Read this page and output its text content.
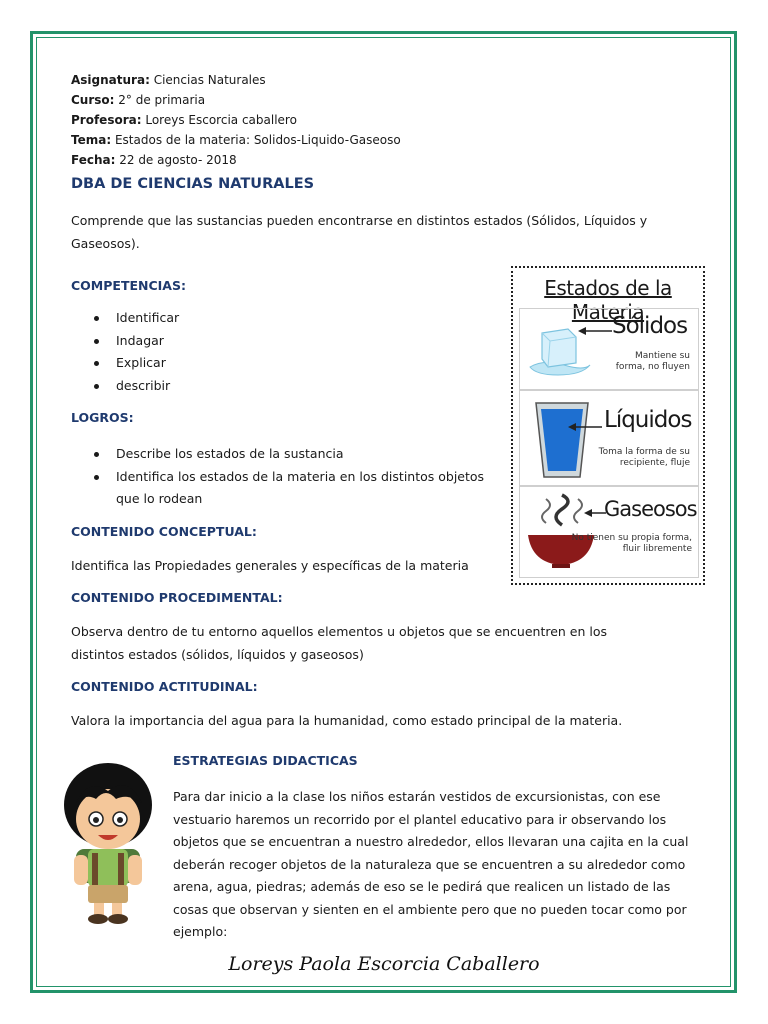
Asignatura: Ciencias Naturales
Curso: 2° de primaria
Profesora: Loreys Escorcia caballero
Tema: Estados de la materia: Solidos-Liquido-Gaseoso
Fecha: 22 de agosto- 2018
DBA DE CIENCIAS NATURALES

Comprende que las sustancias pueden encontrarse en distintos estados (Sólidos, Líquidos y Gaseosos).

COMPETENCIAS:
Identificar
Indagar
Explicar
describir
LOGROS:
Describe los estados de la sustancia
Identifica los estados de la materia en los distintos objetos que lo rodean
CONTENIDO CONCEPTUAL:

Identifica las Propiedades generales y específicas de la materia

CONTENIDO PROCEDIMENTAL:

Observa dentro de tu entorno aquellos elementos u objetos que se encuentren en los distintos estados (sólidos, líquidos y gaseosos)

CONTENIDO ACTITUDINAL:

Valora la importancia del agua para la humanidad, como estado principal de la materia.

Estados de la Materia
Sólidos
Mantiene su
forma, no fluyen
Líquidos
Toma la forma de su
recipiente, fluje
Gaseosos
No tienen su propia forma,
fluir libremente
ESTRATEGIAS DIDACTICAS

Para dar inicio a la clase los niños estarán vestidos de excursionistas, con ese vestuario haremos un recorrido por el plantel educativo para ir observando los objetos que se encuentran a nuestro alrededor, ellos llevaran una cajita en la cual deberán recoger objetos de la naturaleza que se encuentren a su alrededor como arena, agua, piedras; además de eso se le pedirá que realicen un listado de las cosas que observan y sienten en el ambiente pero que no pueden tocar como por ejemplo:

Loreys Paola Escorcia Caballero
